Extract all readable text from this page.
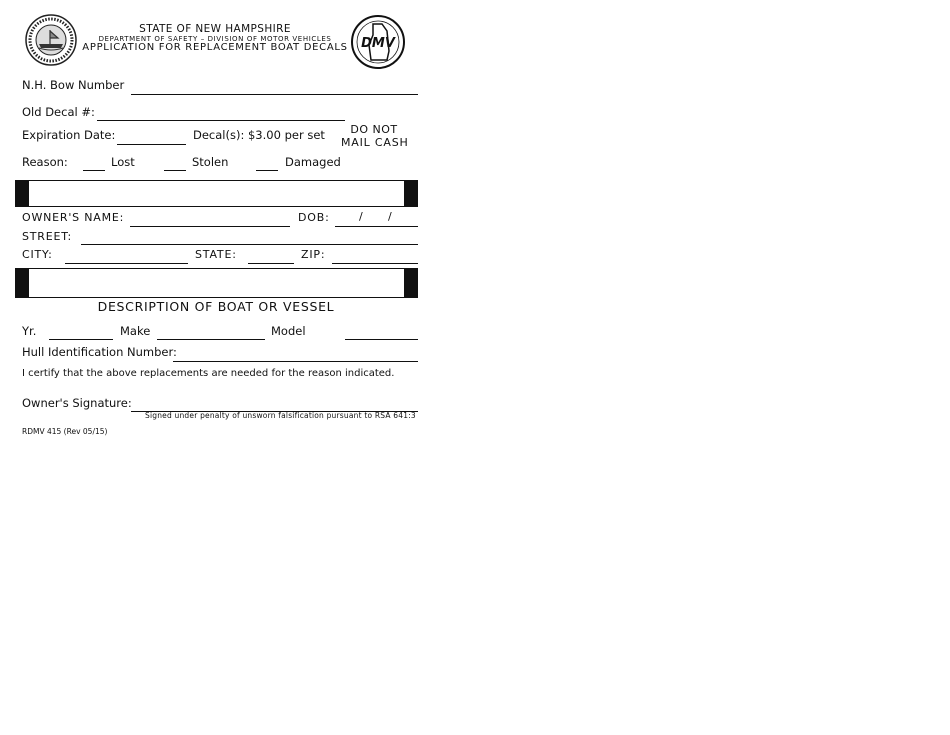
DMV
STATE OF NEW HAMPSHIRE
DEPARTMENT OF SAFETY – DIVISION OF MOTOR VEHICLES
APPLICATION FOR REPLACEMENT BOAT DECALS
N.H. Bow Number
Old Decal #:
Expiration Date:	Decal(s): $3.00 per set	DO NOT
MAIL CASH
Reason:	Lost	Stolen	Damaged
OWNER'S NAME:	DOB:	/ /
STREET:
CITY:	STATE:	ZIP:
DESCRIPTION OF BOAT OR VESSEL
Yr.	Make	Model
Hull Identification Number:
I certify that the above replacements are needed for the reason indicated.
Owner's Signature:
Signed under penalty of unsworn falsification pursuant to RSA 641:3
RDMV 415 (Rev 05/15)
